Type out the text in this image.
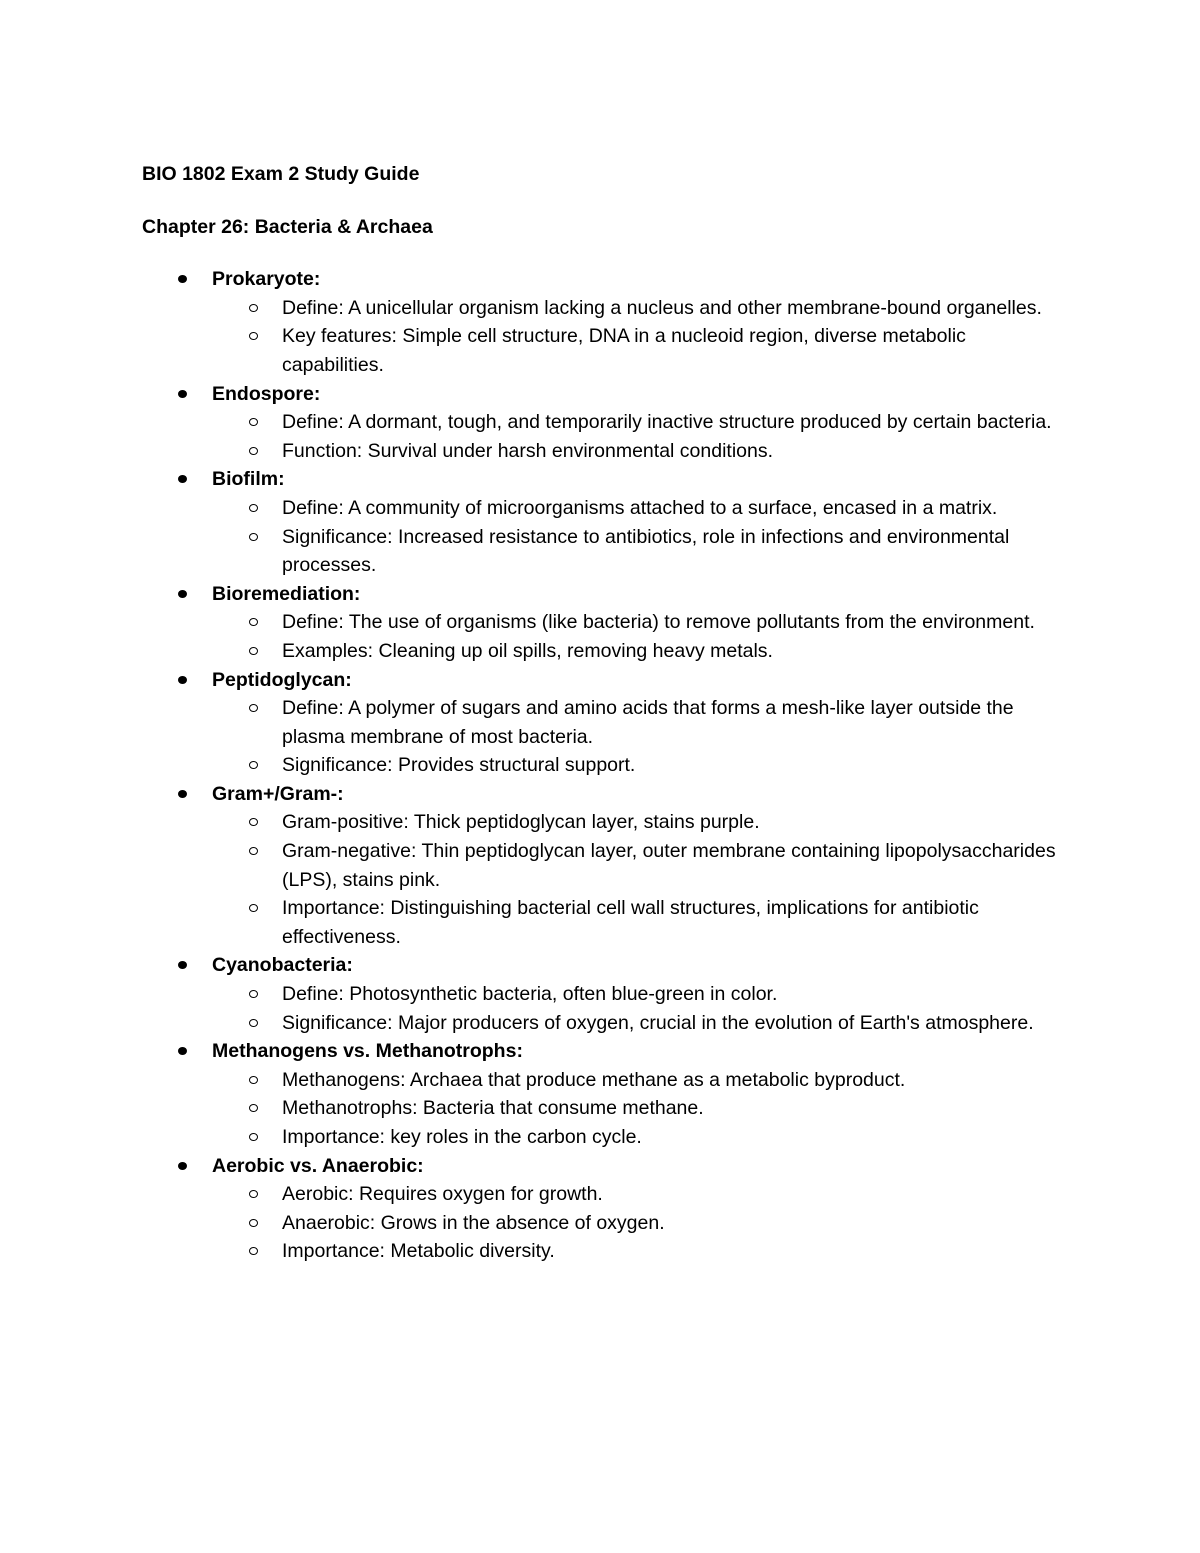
BIO 1802 Exam 2 Study Guide

Chapter 26: Bacteria & Archaea

Prokaryote:
Define: A unicellular organism lacking a nucleus and other membrane-bound organelles.
Key features: Simple cell structure, DNA in a nucleoid region, diverse metabolic capabilities.
Endospore:
Define: A dormant, tough, and temporarily inactive structure produced by certain bacteria.
Function: Survival under harsh environmental conditions.
Biofilm:
Define: A community of microorganisms attached to a surface, encased in a matrix.
Significance: Increased resistance to antibiotics, role in infections and environmental processes.
Bioremediation:
Define: The use of organisms (like bacteria) to remove pollutants from the environment.
Examples: Cleaning up oil spills, removing heavy metals.
Peptidoglycan:
Define: A polymer of sugars and amino acids that forms a mesh-like layer outside the plasma membrane of most bacteria.
Significance: Provides structural support.
Gram+/Gram-:
Gram-positive: Thick peptidoglycan layer, stains purple.
Gram-negative: Thin peptidoglycan layer, outer membrane containing lipopolysaccharides (LPS), stains pink.
Importance: Distinguishing bacterial cell wall structures, implications for antibiotic effectiveness.
Cyanobacteria:
Define: Photosynthetic bacteria, often blue-green in color.
Significance: Major producers of oxygen, crucial in the evolution of Earth's atmosphere.
Methanogens vs. Methanotrophs:
Methanogens: Archaea that produce methane as a metabolic byproduct.
Methanotrophs: Bacteria that consume methane.
Importance: key roles in the carbon cycle.
Aerobic vs. Anaerobic:
Aerobic: Requires oxygen for growth.
Anaerobic: Grows in the absence of oxygen.
Importance: Metabolic diversity.
